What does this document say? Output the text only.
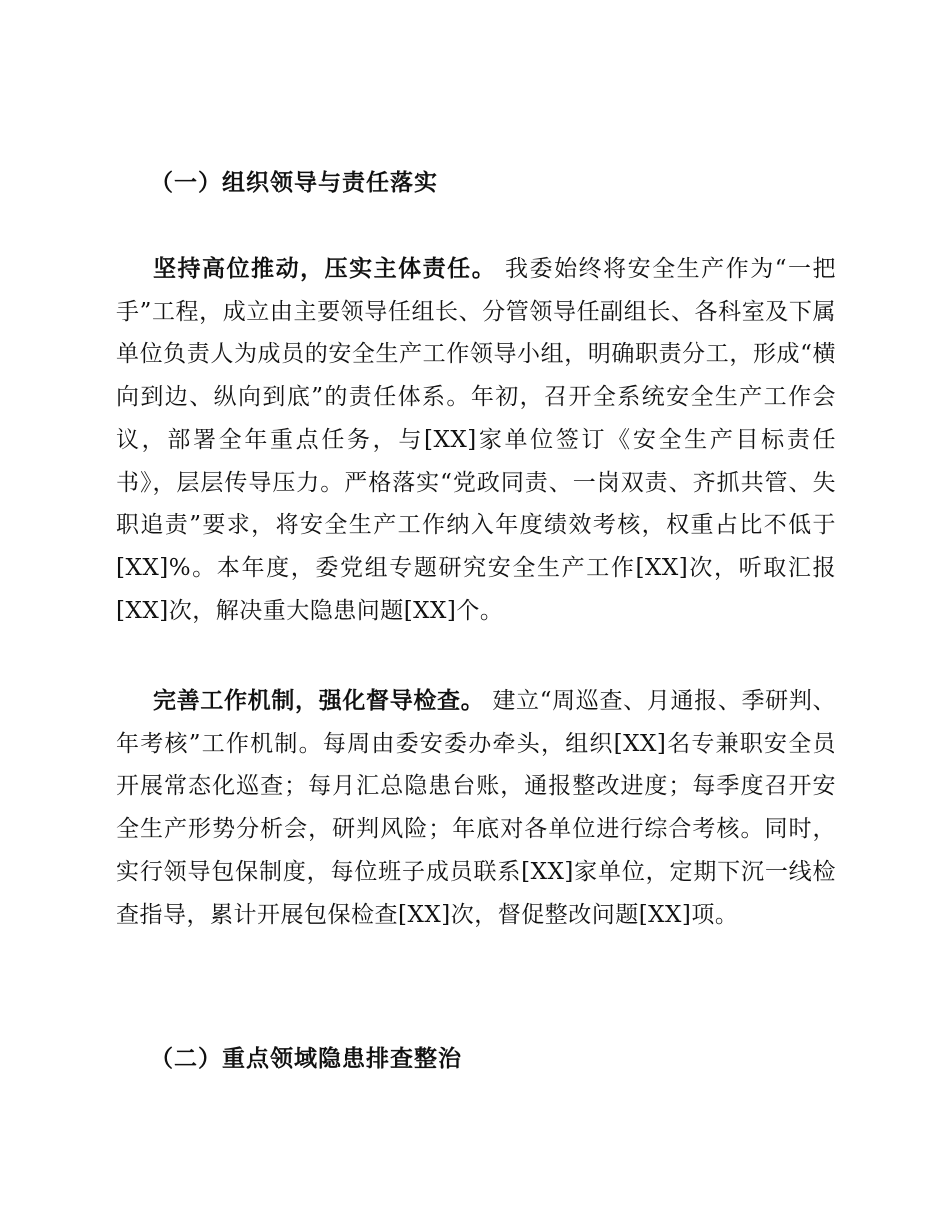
（一）组织领导与责任落实
坚持高位推动，压实主体责任。 我委始终将安全生产作为“一把手”工程，成立由主要领导任组长、分管领导任副组长、各科室及下属单位负责人为成员的安全生产工作领导小组，明确职责分工，形成“横向到边、纵向到底”的责任体系。年初，召开全系统安全生产工作会议，部署全年重点任务，与[XX]家单位签订《安全生产目标责任书》，层层传导压力。严格落实“党政同责、一岗双责、齐抓共管、失职追责”要求，将安全生产工作纳入年度绩效考核，权重占比不低于[XX]%。本年度，委党组专题研究安全生产工作[XX]次，听取汇报[XX]次，解决重大隐患问题[XX]个。
完善工作机制，强化督导检查。 建立“周巡查、月通报、季研判、年考核”工作机制。每周由委安委办牵头，组织[XX]名专兼职安全员开展常态化巡查；每月汇总隐患台账，通报整改进度；每季度召开安全生产形势分析会，研判风险；年底对各单位进行综合考核。同时，实行领导包保制度，每位班子成员联系[XX]家单位，定期下沉一线检查指导，累计开展包保检查[XX]次，督促整改问题[XX]项。
（二）重点领域隐患排查整治
